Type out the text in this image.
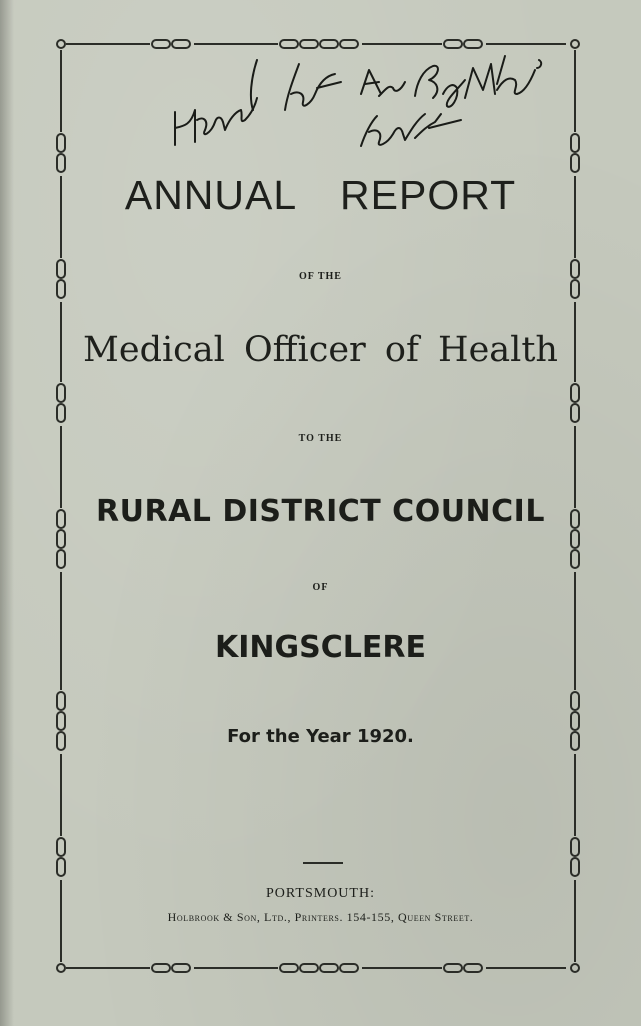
ANNUAL REPORT
OF THE
Medical Officer of Health
TO THE
RURAL DISTRICT COUNCIL
OF
KINGSCLERE
For the Year 1920.
PORTSMOUTH:
Holbrook & Son, Ltd., Printers. 154-155, Queen Street.
